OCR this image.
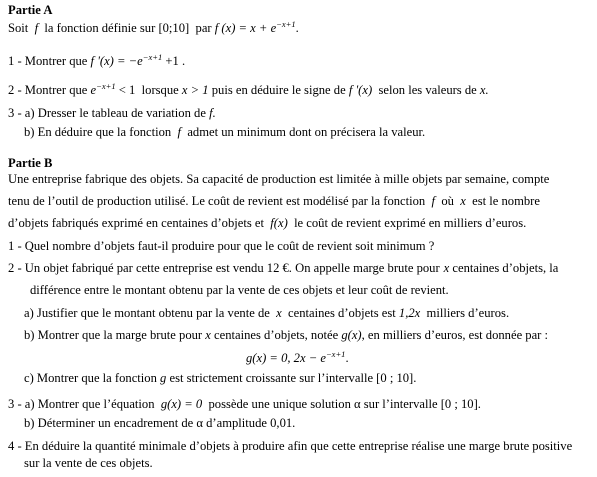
Partie A
Soit f la fonction définie sur [0;10] par f $(x) = x + e^{-x+1}$.
1 - Montrer que f '$(x) = -e^{-x+1} +1$ .
2 - Montrer que $e^{-x+1} < 1$ lorsque x > 1 puis en déduire le signe de f '(x) selon les valeurs de x.
3 - a) Dresser le tableau de variation de f.
b) En déduire que la fonction f admet un minimum dont on précisera la valeur.
Partie B
Une entreprise fabrique des objets. Sa capacité de production est limitée à mille objets par semaine, compte
tenu de l’outil de production utilisé. Le coût de revient est modélisé par la fonction f où x est le nombre
d’objets fabriqués exprimé en centaines d’objets et f(x) le coût de revient exprimé en milliers d’euros.
1 - Quel nombre d’objets faut-il produire pour que le coût de revient soit minimum ?
2 - Un objet fabriqué par cette entreprise est vendu 12 €. On appelle marge brute pour x centaines d’objets, la
différence entre le montant obtenu par la vente de ces objets et leur coût de revient.
a) Justifier que le montant obtenu par la vente de x centaines d’objets est 1,2x milliers d’euros.
b) Montrer que la marge brute pour x centaines d’objets, notée g(x), en milliers d’euros, est donnée par :
g(x) = 0, $2x - e^{-x+1}$.
c) Montrer que la fonction g est strictement croissante sur l’intervalle [0 ; 10].
3 - a) Montrer que l’équation g(x) = 0 possède une unique solution α sur l’intervalle [0 ; 10].
b) Déterminer un encadrement de α d’amplitude 0,01.
4 - En déduire la quantité minimale d’objets à produire afin que cette entreprise réalise une marge brute positive
sur la vente de ces objets.
